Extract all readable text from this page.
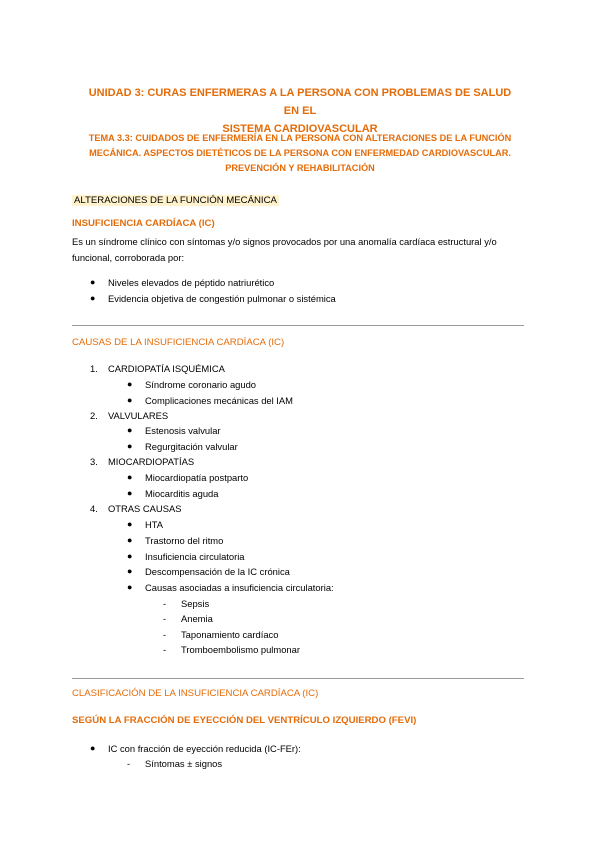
UNIDAD 3: CURAS ENFERMERAS A LA PERSONA CON PROBLEMAS DE SALUD EN EL
SISTEMA CARDIOVASCULAR
TEMA 3.3: CUIDADOS DE ENFERMERÍA EN LA PERSONA CON ALTERACIONES DE LA FUNCIÓN
MECÁNICA. ASPECTOS DIETÉTICOS DE LA PERSONA CON ENFERMEDAD CARDIOVASCULAR.
PREVENCIÓN Y REHABILITACIÓN
ALTERACIONES DE LA FUNCIÓN MECÁNICA
INSUFICIENCIA CARDÍACA (IC)
Es un síndrome clínico con síntomas y/o signos provocados por una anomalía cardíaca estructural y/o
funcional, corroborada por:
● Niveles elevados de péptido natriurético
● Evidencia objetiva de congestión pulmonar o sistémica
CAUSAS DE LA INSUFICIENCIA CARDÍACA (IC)
1. CARDIOPATÍA ISQUÉMICA
● Síndrome coronario agudo
● Complicaciones mecánicas del IAM
2. VALVULARES
● Estenosis valvular
● Regurgitación valvular
3. MIOCARDIOPATÍAS
● Miocardiopatía postparto
● Miocarditis aguda
4. OTRAS CAUSAS
● HTA
● Trastorno del ritmo
● Insuficiencia circulatoria
● Descompensación de la IC crónica
● Causas asociadas a insuficiencia circulatoria:
- Sepsis
- Anemia
- Taponamiento cardíaco
- Tromboembolismo pulmonar
CLASIFICACIÓN DE LA INSUFICIENCIA CARDÍACA (IC)
SEGÚN LA FRACCIÓN DE EYECCIÓN DEL VENTRÍCULO IZQUIERDO (FEVI)
● IC con fracción de eyección reducida (IC-FEr):
- Síntomas ± signos
